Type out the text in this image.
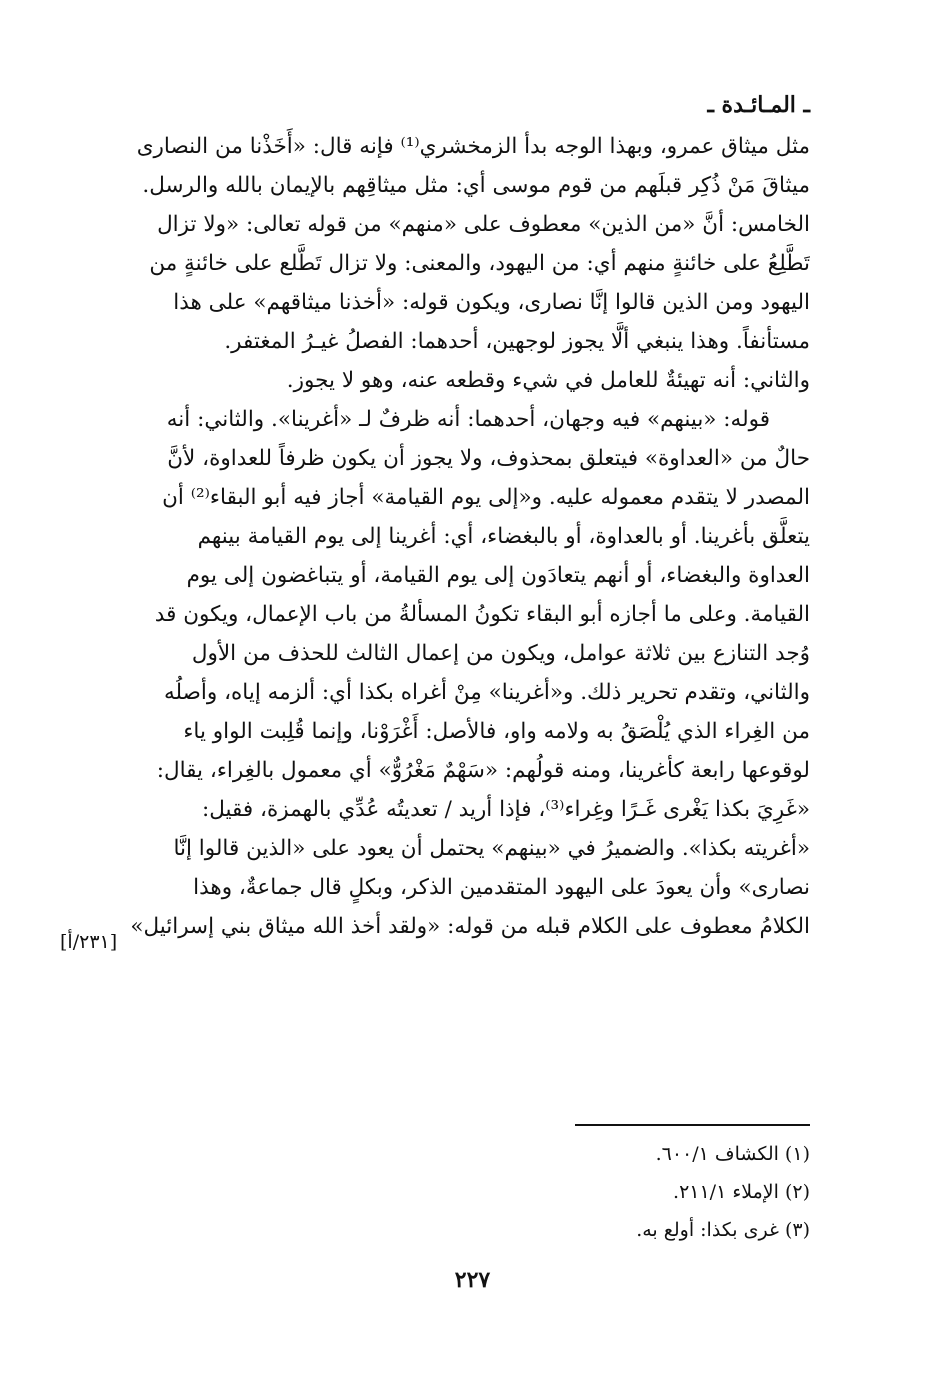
ـ المـائـدة ـ
مثل ميثاق عمرو، وبهذا الوجه بدأ الزمخشري⁽¹⁾ فإنه قال: «أَخَذْنا من النصارى
ميثاقَ مَنْ ذُكِر قبلَهم من قوم موسى أي: مثل ميثاقِهم بالإيمان بالله والرسل.
الخامس: أنَّ «من الذين» معطوف على «منهم» من قوله تعالى: «ولا تزال
تَطَّلِعُ على خائنةٍ منهم أي: من اليهود، والمعنى: ولا تزال تَطَّلع على خائنةٍ من
اليهود ومن الذين قالوا إنَّا نصارى، ويكون قوله: «أخذنا ميثاقهم» على هذا
مستأنفاً. وهذا ينبغي ألَّا يجوز لوجهين، أحدهما: الفصلُ غيـرُ المغتفر.
والثاني: أنه تهيئةٌ للعامل في شيء وقطعه عنه، وهو لا يجوز.
قوله: «بينهم» فيه وجهان، أحدهما: أنه ظرفٌ لـ «أغرينا». والثاني: أنه
حالٌ من «العداوة» فيتعلق بمحذوف، ولا يجوز أن يكون ظرفاً للعداوة، لأنَّ
المصدر لا يتقدم معموله عليه. و«إلى يوم القيامة» أجاز فيه أبو البقاء⁽²⁾ أن
يتعلَّق بأغرينا. أو بالعداوة، أو بالبغضاء، أي: أغرينا إلى يوم القيامة بينهم
العداوة والبغضاء، أو أنهم يتعادَون إلى يوم القيامة، أو يتباغضون إلى يوم
القيامة. وعلى ما أجازه أبو البقاء تكونُ المسألةُ من باب الإعمال، ويكون قد
وُجد التنازع بين ثلاثة عوامل، ويكون من إعمال الثالث للحذف من الأول
والثاني، وتقدم تحرير ذلك. و«أغرينا» مِنْ أغراه بكذا أي: ألزمه إياه، وأصلُه
من الغِراء الذي يُلْصَقُ به ولامه واو، فالأصل: أَغْرَوْنا، وإنما قُلِبت الواو ياء
لوقوعها رابعة كأغرينا، ومنه قولُهم: «سَهْمٌ مَغْرُوٌّ» أي معمول بالغِراء، يقال:
«غَرِيَ بكذا يَغْرى غَـرًا وغِراء⁽³⁾، فإذا أريد / تعديتُه عُدِّي بالهمزة، فقيل:
«أغريته بكذا». والضميرُ في «بينهم» يحتمل أن يعود على «الذين قالوا إنَّا
نصارى» وأن يعودَ على اليهود المتقدمين الذكر، وبكلٍ قال جماعةٌ، وهذا
الكلامُ معطوف على الكلام قبله من قوله: «ولقد أخذ الله ميثاق بني إسرائيل»
[٢٣١/أ]
(١) الكشاف ٦٠٠/١.
(٢) الإملاء ٢١١/١.
(٣) غرى بكذا: أولع به.
٢٢٧
